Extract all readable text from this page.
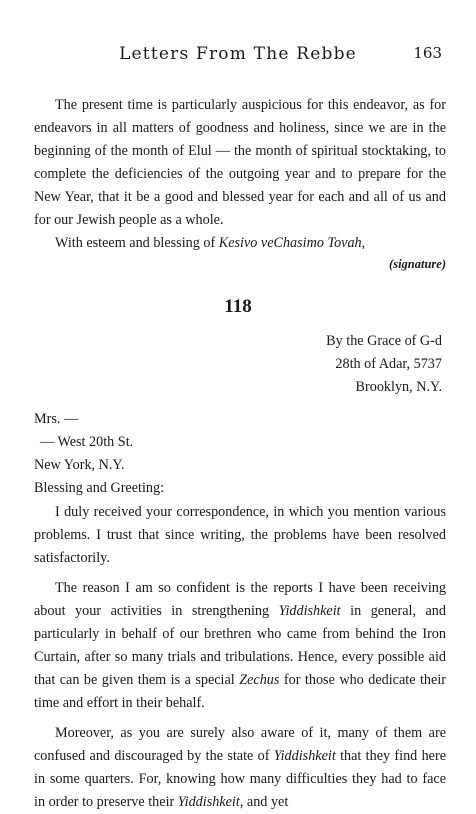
Letters From The Rebbe	163

The present time is particularly auspicious for this endeavor, as for endeavors in all matters of goodness and holiness, since we are in the beginning of the month of Elul — the month of spiritual stocktaking, to complete the deficiencies of the outgoing year and to prepare for the New Year, that it be a good and blessed year for each and all of us and for our Jewish people as a whole.

With esteem and blessing of Kesivo veChasimo Tovah,

(signature)
118
By the Grace of G-d
28th of Adar, 5737
Brooklyn, N.Y.
Mrs. —
— West 20th St.
New York, N.Y.
Blessing and Greeting:

I duly received your correspondence, in which you mention various problems. I trust that since writing, the problems have been resolved satisfactorily.

The reason I am so confident is the reports I have been receiving about your activities in strengthening Yiddishkeit in general, and particularly in behalf of our brethren who came from behind the Iron Curtain, after so many trials and tribulations. Hence, every possible aid that can be given them is a special Zechus for those who dedicate their time and effort in their behalf.

Moreover, as you are surely also aware of it, many of them are confused and discouraged by the state of Yiddishkeit that they find here in some quarters. For, knowing how many difficulties they had to face in order to preserve their Yiddishkeit, and yet
